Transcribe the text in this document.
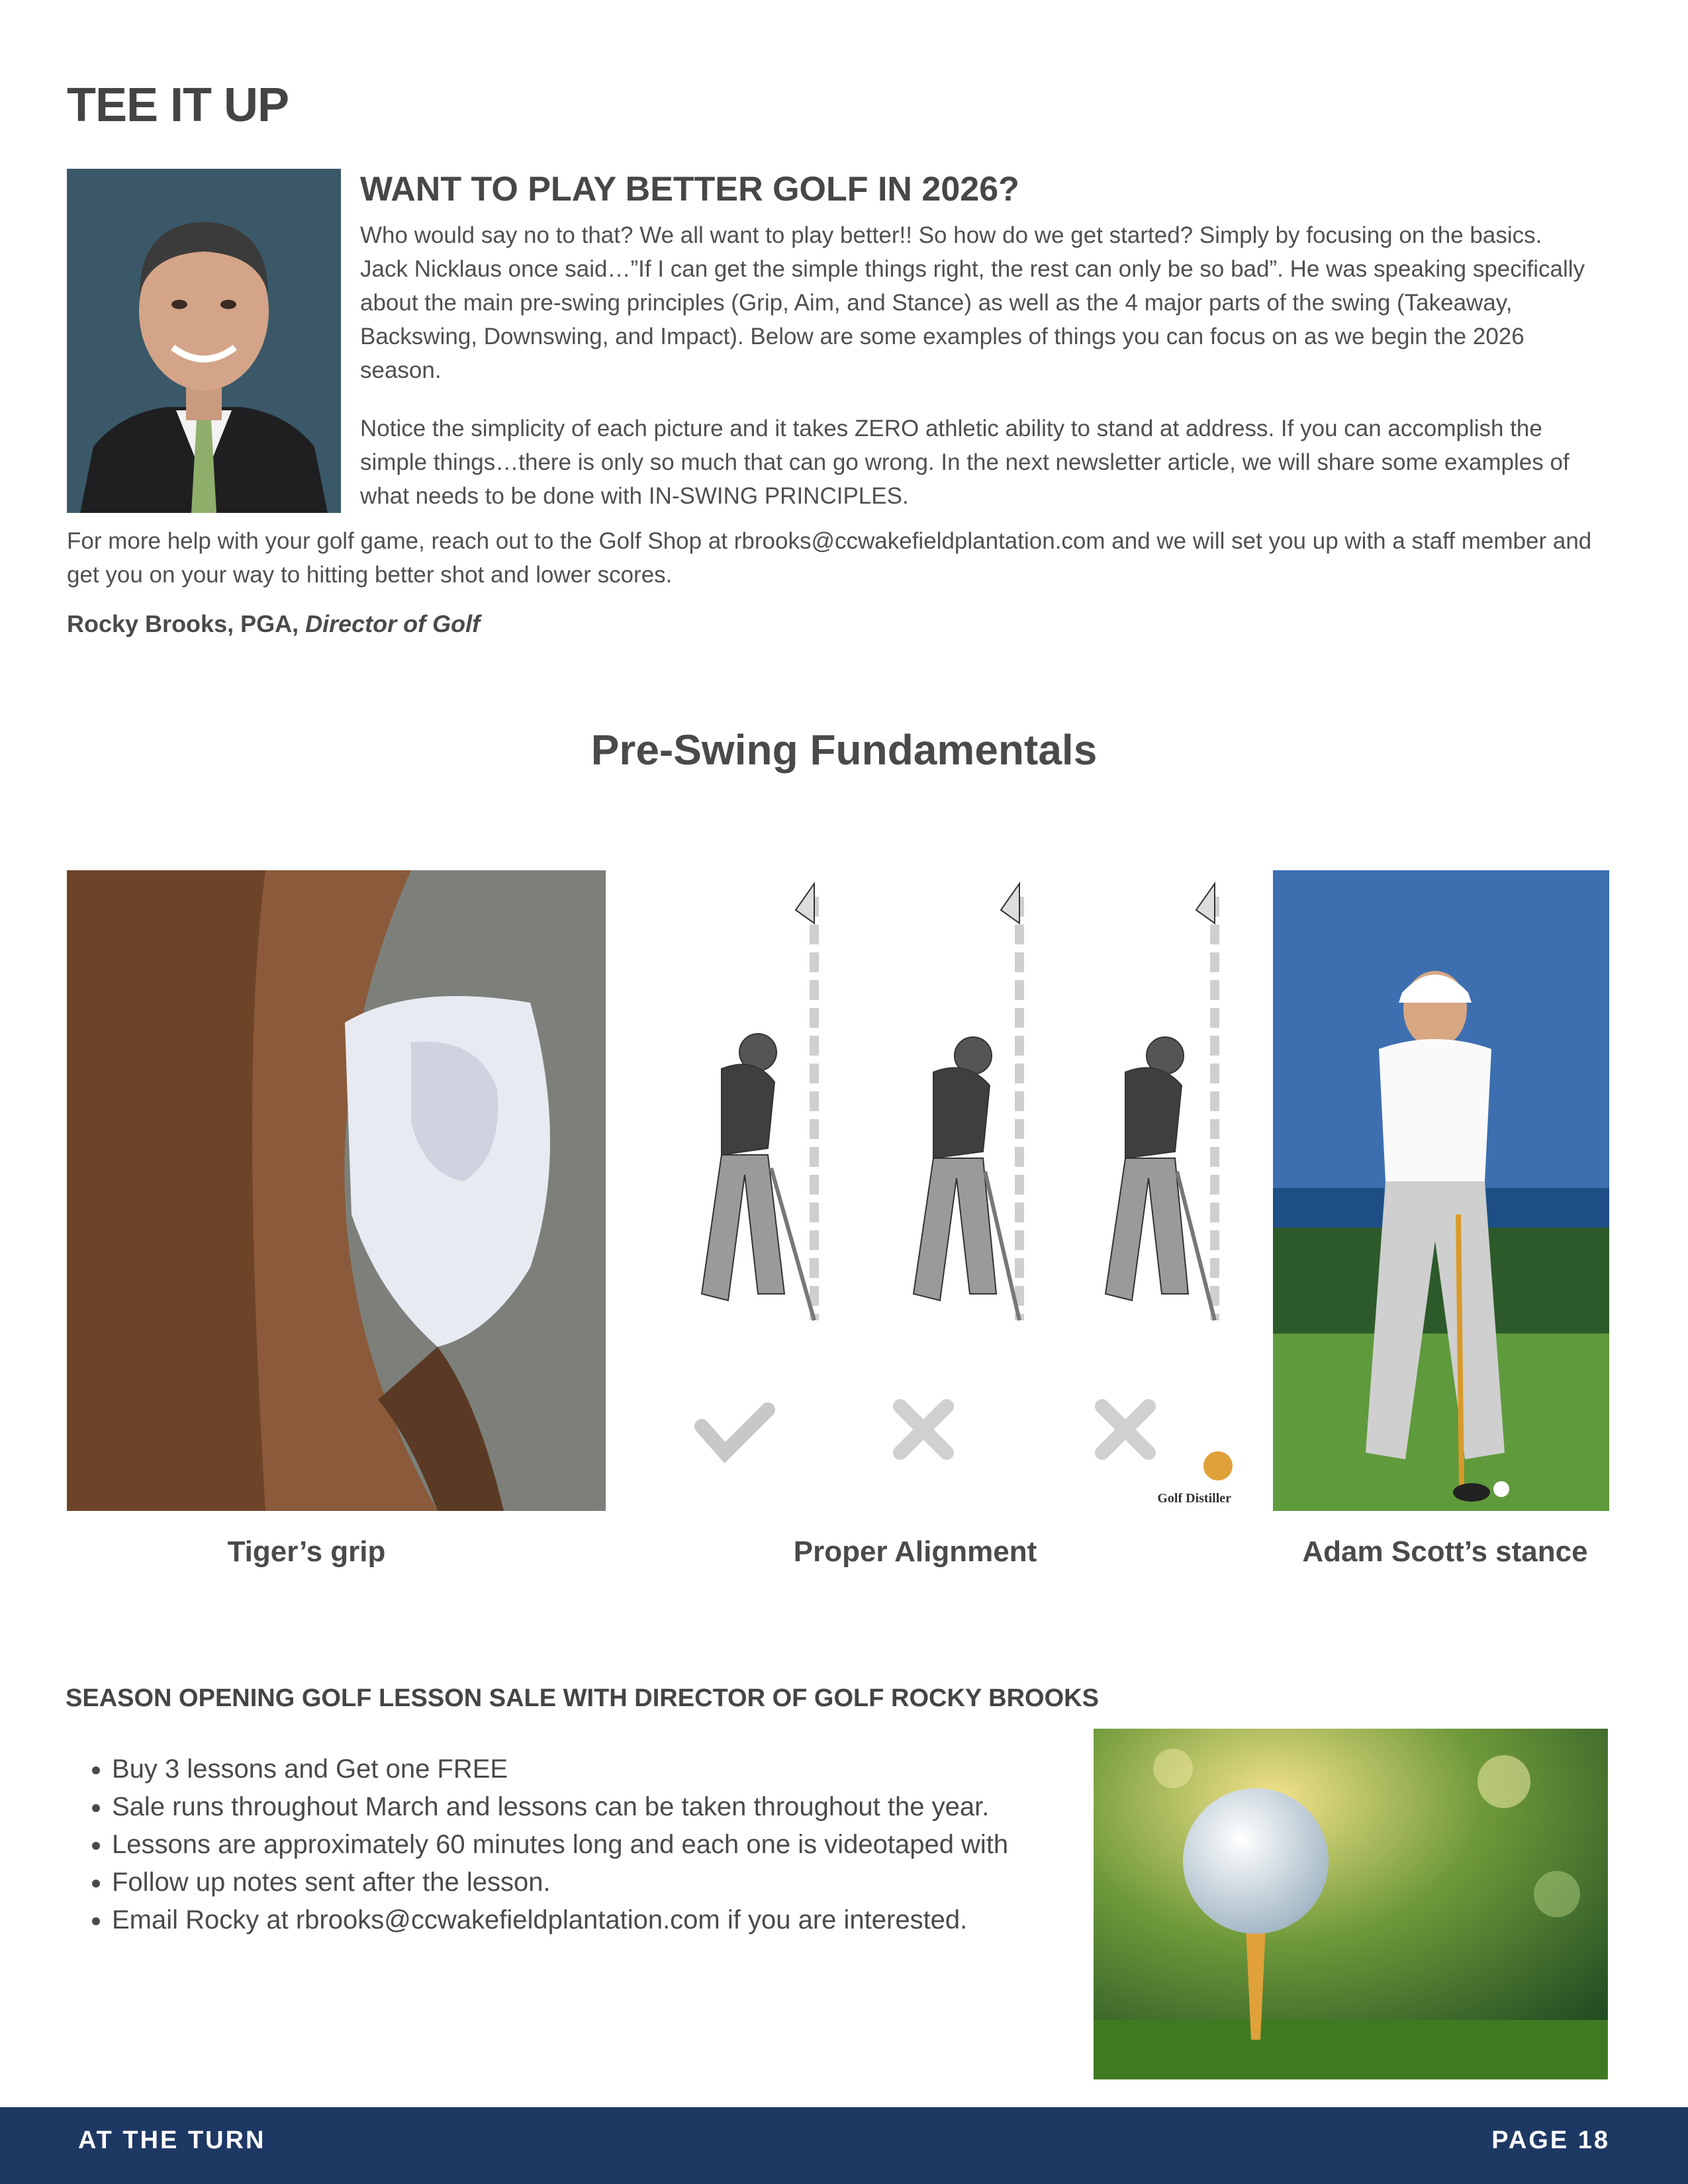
TEE IT UP
WANT TO PLAY BETTER GOLF IN 2026?

Who would say no to that? We all want to play better!! So how do we get started? Simply by focusing on the basics. Jack Nicklaus once said…”If I can get the simple things right, the rest can only be so bad”. He was speaking specifically about the main pre-swing principles (Grip, Aim, and Stance) as well as the 4 major parts of the swing (Takeaway, Backswing, Downswing, and Impact). Below are some examples of things you can focus on as we begin the 2026 season.

Notice the simplicity of each picture and it takes ZERO athletic ability to stand at address. If you can accomplish the simple things…there is only so much that can go wrong. In the next newsletter article, we will share some examples of what needs to be done with IN-SWING PRINCIPLES.

For more help with your golf game, reach out to the Golf Shop at rbrooks@ccwakefieldplantation.com and we will set you up with a staff member and get you on your way to hitting better shot and lower scores.

Rocky Brooks, PGA, Director of Golf
Pre-Swing Fundamentals
Golf Distiller
Tiger’s grip	Proper Alignment	Adam Scott’s stance
SEASON OPENING GOLF LESSON SALE WITH DIRECTOR OF GOLF ROCKY BROOKS
• Buy 3 lessons and Get one FREE
• Sale runs throughout March and lessons can be taken throughout the year.
• Lessons are approximately 60 minutes long and each one is videotaped with
• Follow up notes sent after the lesson.
• Email Rocky at rbrooks@ccwakefieldplantation.com if you are interested.
AT THE TURN	PAGE 18
